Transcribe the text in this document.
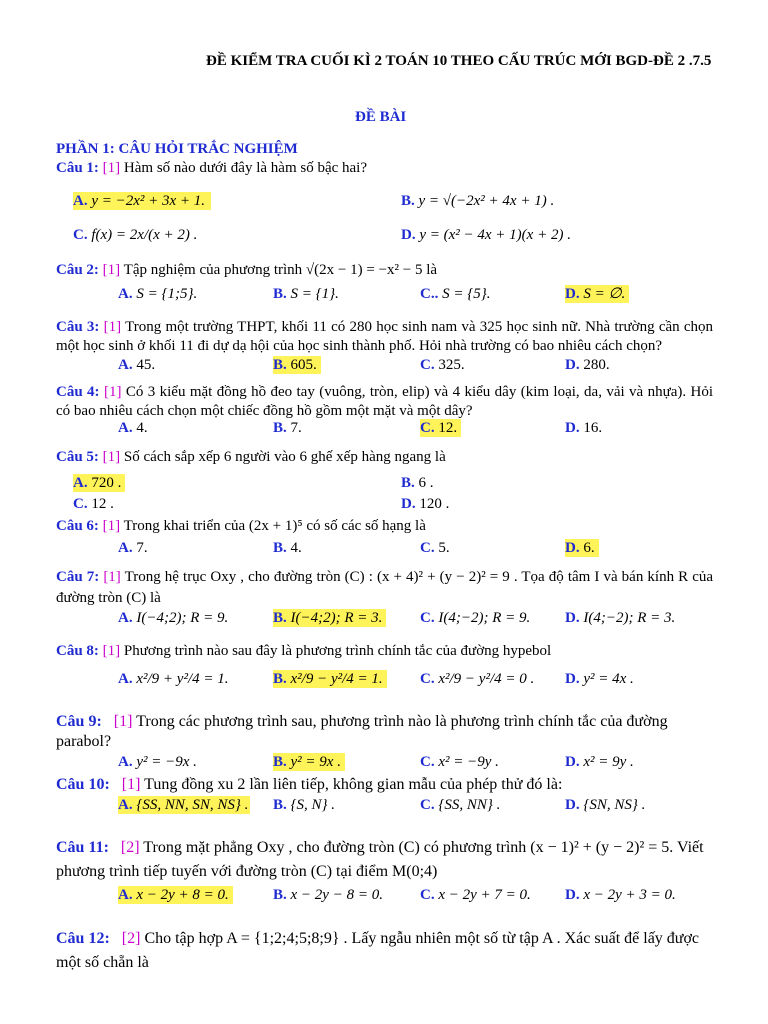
ĐỀ KIỂM TRA CUỐI KÌ 2 TOÁN 10 THEO CẤU TRÚC MỚI BGD-ĐỀ 2 .7.5
ĐỀ BÀI
PHẦN 1: CÂU HỎI TRẮC NGHIỆM
Câu 1: [1] Hàm số nào dưới đây là hàm số bậc hai?
A. y = −2x² + 3x + 1.	B. y = √(−2x² + 4x + 1) .
C. f(x) = 2x/(x + 2) .	D. y = (x² − 4x + 1)(x + 2) .
Câu 2: [1] Tập nghiệm của phương trình √(2x − 1) = −x² − 5 là
A. S = {1;5}.	B. S = {1}.	C.. S = {5}.	D. S = ∅.
Câu 3: [1] Trong một trường THPT, khối 11 có 280 học sinh nam và 325 học sinh nữ. Nhà trường cần chọn một học sinh ở khối 11 đi dự dạ hội của học sinh thành phố. Hỏi nhà trường có bao nhiêu cách chọn?
A. 45.	B. 605.	C. 325.	D. 280.
Câu 4: [1] Có 3 kiểu mặt đồng hồ đeo tay (vuông, tròn, elip) và 4 kiểu dây (kim loại, da, vải và nhựa). Hỏi có bao nhiêu cách chọn một chiếc đồng hồ gồm một mặt và một dây?
A. 4.	B. 7.	C. 12.	D. 16.
Câu 5: [1] Số cách sắp xếp 6 người vào 6 ghế xếp hàng ngang là
A. 720 .	B. 6 .
C. 12 .	D. 120 .
Câu 6: [1] Trong khai triển của (2x + 1)⁵ có số các số hạng là
A. 7.	B. 4.	C. 5.	D. 6.
Câu 7: [1] Trong hệ trục Oxy , cho đường tròn (C) : (x + 4)² + (y − 2)² = 9 . Tọa độ tâm I và bán kính R của đường tròn (C) là
A. I(−4;2); R = 9.	B. I(−4;2); R = 3.	C. I(4;−2); R = 9. D. I(4;−2); R = 3.
Câu 8: [1] Phương trình nào sau đây là phương trình chính tắc của đường hypebol
A. x²/9 + y²/4 = 1.	B. x²/9 − y²/4 = 1. C. x²/9 − y²/4 = 0 . D. y² = 4x .
Câu 9: [1] Trong các phương trình sau, phương trình nào là phương trình chính tắc của đường parabol?
A. y² = −9x .	B. y² = 9x .	C. x² = −9y .	D. x² = 9y .
Câu 10: [1] Tung đồng xu 2 lần liên tiếp, không gian mẫu của phép thử đó là:
A. {SS, NN, SN, NS} . B. {S, N} .	C. {SS, NN} .	D. {SN, NS} .
Câu 11: [2] Trong mặt phẳng Oxy , cho đường tròn (C) có phương trình (x − 1)² + (y − 2)² = 5. Viết phương trình tiếp tuyến với đường tròn (C) tại điểm M(0;4)
A. x − 2y + 8 = 0.	B. x − 2y − 8 = 0. C. x − 2y + 7 = 0. D. x − 2y + 3 = 0.
Câu 12: [2] Cho tập hợp A = {1;2;4;5;8;9} . Lấy ngẫu nhiên một số từ tập A . Xác suất để lấy được một số chẵn là
